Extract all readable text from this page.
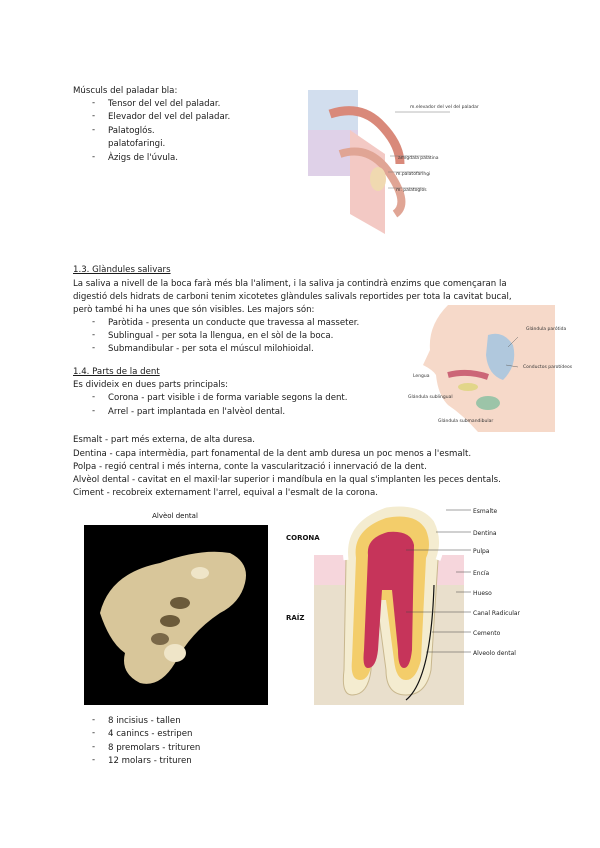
Músculs del paladar bla:
- Tensor del vel del paladar.
- Elevador del vel del paladar.
- Palatoglós.
palatofaringi.
- Àzigs de l'úvula.
m.elevador del vel del paladar
amígdala palatina
m.palatofaringi
m. palatoglos
1.3. Glàndules salivars
La saliva a nivell de la boca farà més bla l'aliment, i la saliva ja contindrà enzims que començaran la
digestió dels hidrats de carboni tenim xicotetes glàndules salivals reportides per tota la cavitat bucal,
però també hi ha unes que són visibles. Les majors són:
- Paròtida - presenta un conducte que travessa al masseter.
- Sublingual - per sota la llengua, en el sòl de la boca.
- Submandibular - per sota el múscul milohioidal.
Glándula parótida
Glándula sublingual
Glándula submandibular
Lengua
Conductos parotídeos
1.4. Parts de la dent
Es divideix en dues parts principals:
- Corona - part visible i de forma variable segons la dent.
- Arrel - part implantada en l'alvèol dental.
Esmalt - part més externa, de alta duresa.
Dentina - capa intermèdia, part fonamental de la dent amb duresa un poc menos a l'esmalt.
Polpa - regió central i més interna, conte la vascularització i innervació de la dent.
Alvèol dental - cavitat en el maxil·lar superior i mandíbula en la qual s'implanten les peces dentals.
Ciment - recobreix externament l'arrel, equival a l'esmalt de la corona.
Alvèol dental
CORONA
RAÍZ
Esmalte
Dentina
Pulpa
Encía
Hueso
Canal Radicular
Cemento
Alveolo dental
- 8 incisius - tallen
- 4 canincs - estripen
- 8 premolars - trituren
- 12 molars - trituren
